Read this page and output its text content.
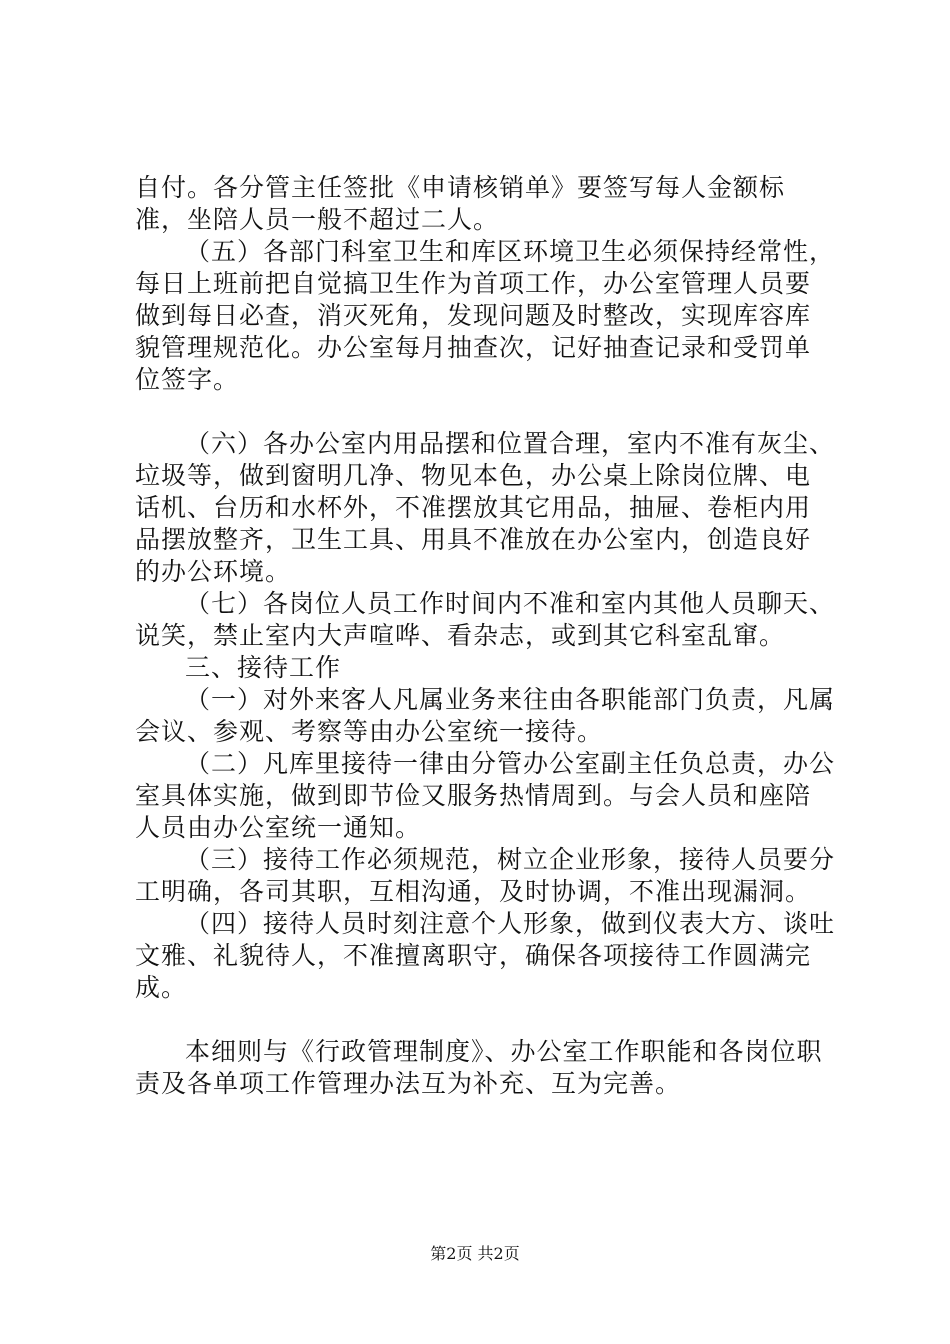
自付。各分管主任签批《申请核销单》要签写每人金额标准，坐陪人员一般不超过二人。

（五）各部门科室卫生和库区环境卫生必须保持经常性，每日上班前把自觉搞卫生作为首项工作，办公室管理人员要做到每日必查，消灭死角，发现问题及时整改，实现库容库貌管理规范化。办公室每月抽查次，记好抽查记录和受罚单位签字。

（六）各办公室内用品摆和位置合理，室内不准有灰尘、垃圾等，做到窗明几净、物见本色，办公桌上除岗位牌、电话机、台历和水杯外，不准摆放其它用品，抽屉、卷柜内用品摆放整齐，卫生工具、用具不准放在办公室内，创造良好的办公环境。

（七）各岗位人员工作时间内不准和室内其他人员聊天、说笑，禁止室内大声喧哗、看杂志，或到其它科室乱窜。

三、接待工作

（一）对外来客人凡属业务来往由各职能部门负责，凡属会议、参观、考察等由办公室统一接待。

（二）凡库里接待一律由分管办公室副主任负总责，办公室具体实施，做到即节俭又服务热情周到。与会人员和座陪人员由办公室统一通知。

（三）接待工作必须规范，树立企业形象，接待人员要分工明确，各司其职，互相沟通，及时协调，不准出现漏洞。

（四）接待人员时刻注意个人形象，做到仪表大方、谈吐文雅、礼貌待人，不准擅离职守，确保各项接待工作圆满完成。

本细则与《行政管理制度》、办公室工作职能和各岗位职责及各单项工作管理办法互为补充、互为完善。

第2页 共2页
